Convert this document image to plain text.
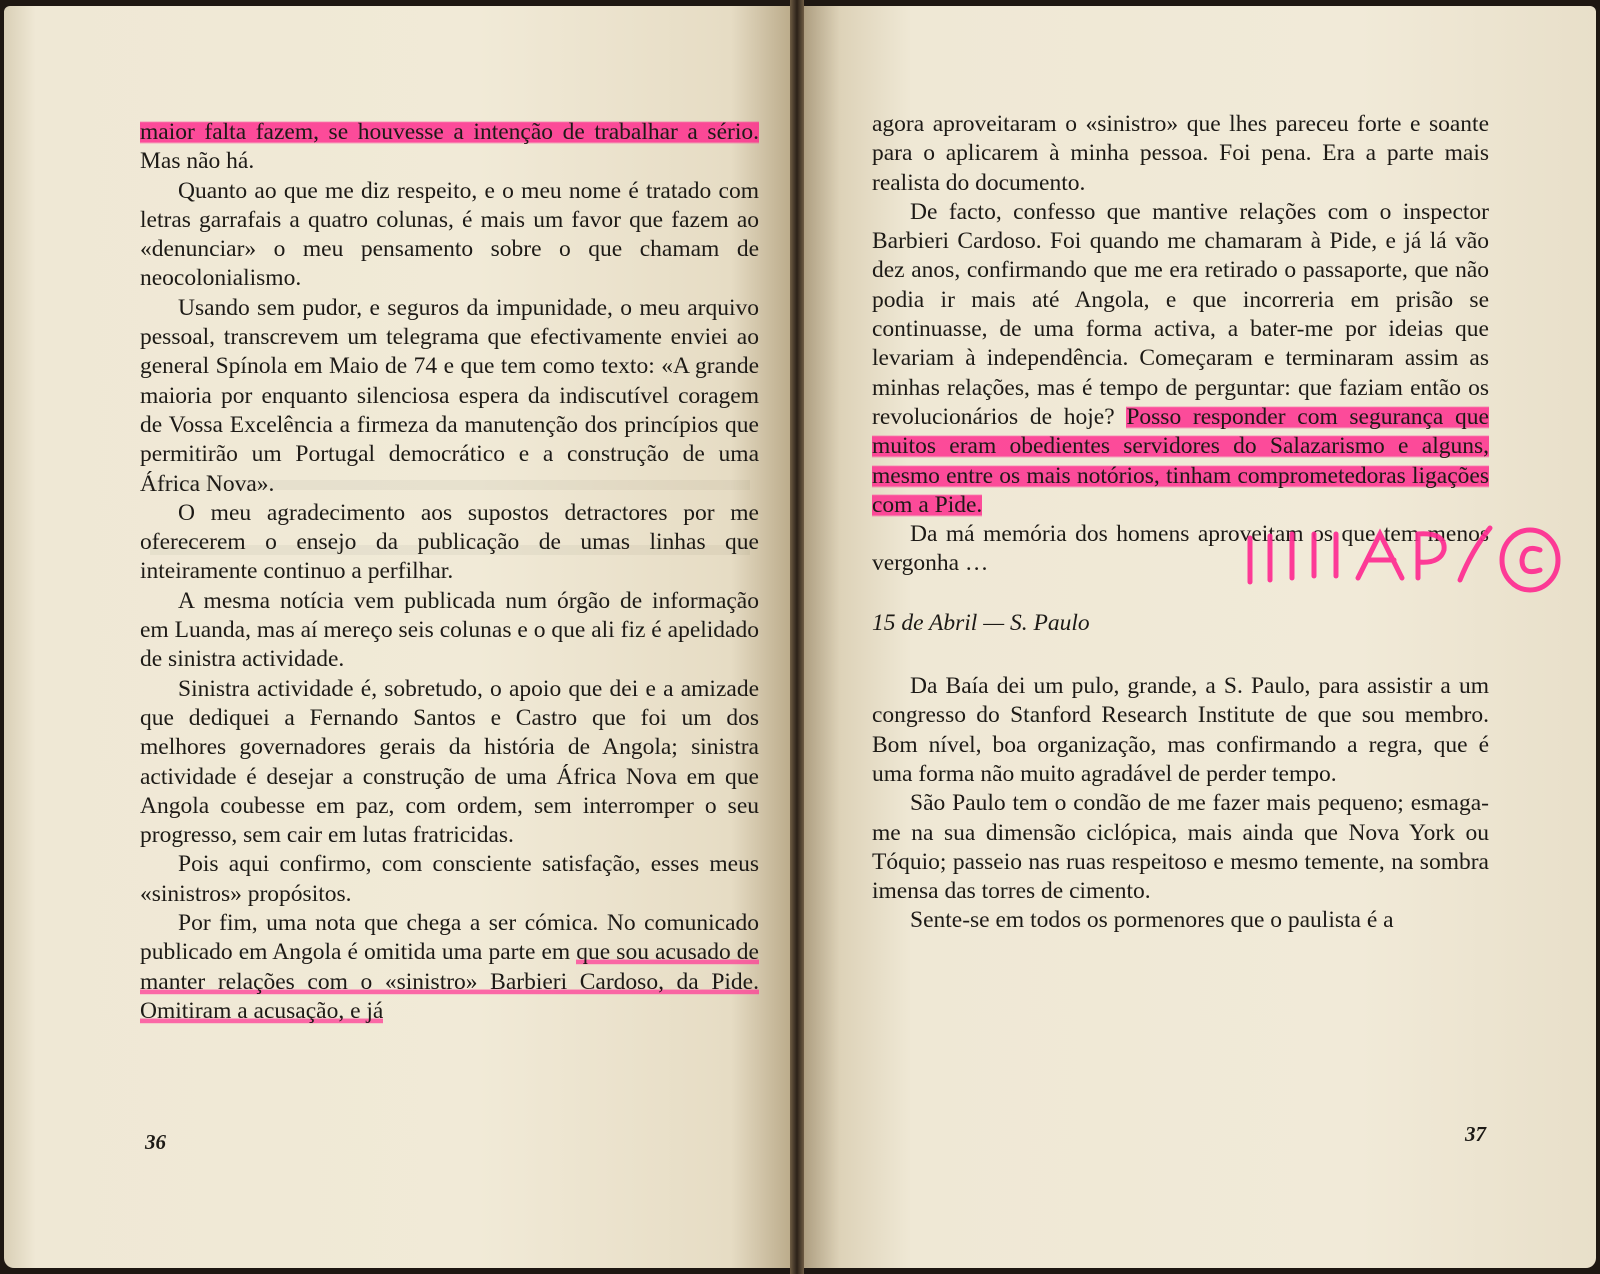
maior falta fazem, se houvesse a intenção de trabalhar a sério. Mas não há.

Quanto ao que me diz respeito, e o meu nome é tratado com letras garrafais a quatro colunas, é mais um favor que fazem ao «denunciar» o meu pensamento sobre o que chamam de neocolonialismo.

Usando sem pudor, e seguros da impunidade, o meu arquivo pessoal, transcrevem um telegrama que efectivamente enviei ao general Spínola em Maio de 74 e que tem como texto: «A grande maioria por enquanto silenciosa espera da indiscutível coragem de Vossa Excelência a firmeza da manutenção dos princípios que permitirão um Portugal democrático e a construção de uma África Nova».

O meu agradecimento aos supostos detractores por me oferecerem o ensejo da publicação de umas linhas que inteiramente continuo a perfilhar.

A mesma notícia vem publicada num órgão de informação em Luanda, mas aí mereço seis colunas e o que ali fiz é apelidado de sinistra actividade.

Sinistra actividade é, sobretudo, o apoio que dei e a amizade que dediquei a Fernando Santos e Castro que foi um dos melhores governadores gerais da história de Angola; sinistra actividade é desejar a construção de uma África Nova em que Angola coubesse em paz, com ordem, sem interromper o seu progresso, sem cair em lutas fratricidas.

Pois aqui confirmo, com consciente satisfação, esses meus «sinistros» propósitos.

Por fim, uma nota que chega a ser cómica. No comunicado publicado em Angola é omitida uma parte em que sou acusado de manter relações com o «sinistro» Barbieri Cardoso, da Pide. Omitiram a acusação, e já

36

agora aproveitaram o «sinistro» que lhes pareceu forte e soante para o aplicarem à minha pessoa. Foi pena. Era a parte mais realista do documento.

De facto, confesso que mantive relações com o inspector Barbieri Cardoso. Foi quando me chamaram à Pide, e já lá vão dez anos, confirmando que me era retirado o passaporte, que não podia ir mais até Angola, e que incorreria em prisão se continuasse, de uma forma activa, a bater-me por ideias que levariam à independência. Começaram e terminaram assim as minhas relações, mas é tempo de perguntar: que faziam então os revolucionários de hoje? Posso responder com segurança que muitos eram obedientes servidores do Salazarismo e alguns, mesmo entre os mais notórios, tinham comprometedoras ligações com a Pide.

Da má memória dos homens aproveitam os que tem menos vergonha …

15 de Abril — S. Paulo

Da Baía dei um pulo, grande, a S. Paulo, para assistir a um congresso do Stanford Research Institute de que sou membro. Bom nível, boa organização, mas confirmando a regra, que é uma forma não muito agradável de perder tempo.

São Paulo tem o condão de me fazer mais pequeno; esmaga-me na sua dimensão ciclópica, mais ainda que Nova York ou Tóquio; passeio nas ruas respeitoso e mesmo temente, na sombra imensa das torres de cimento.

Sente-se em todos os pormenores que o paulista é a

37
